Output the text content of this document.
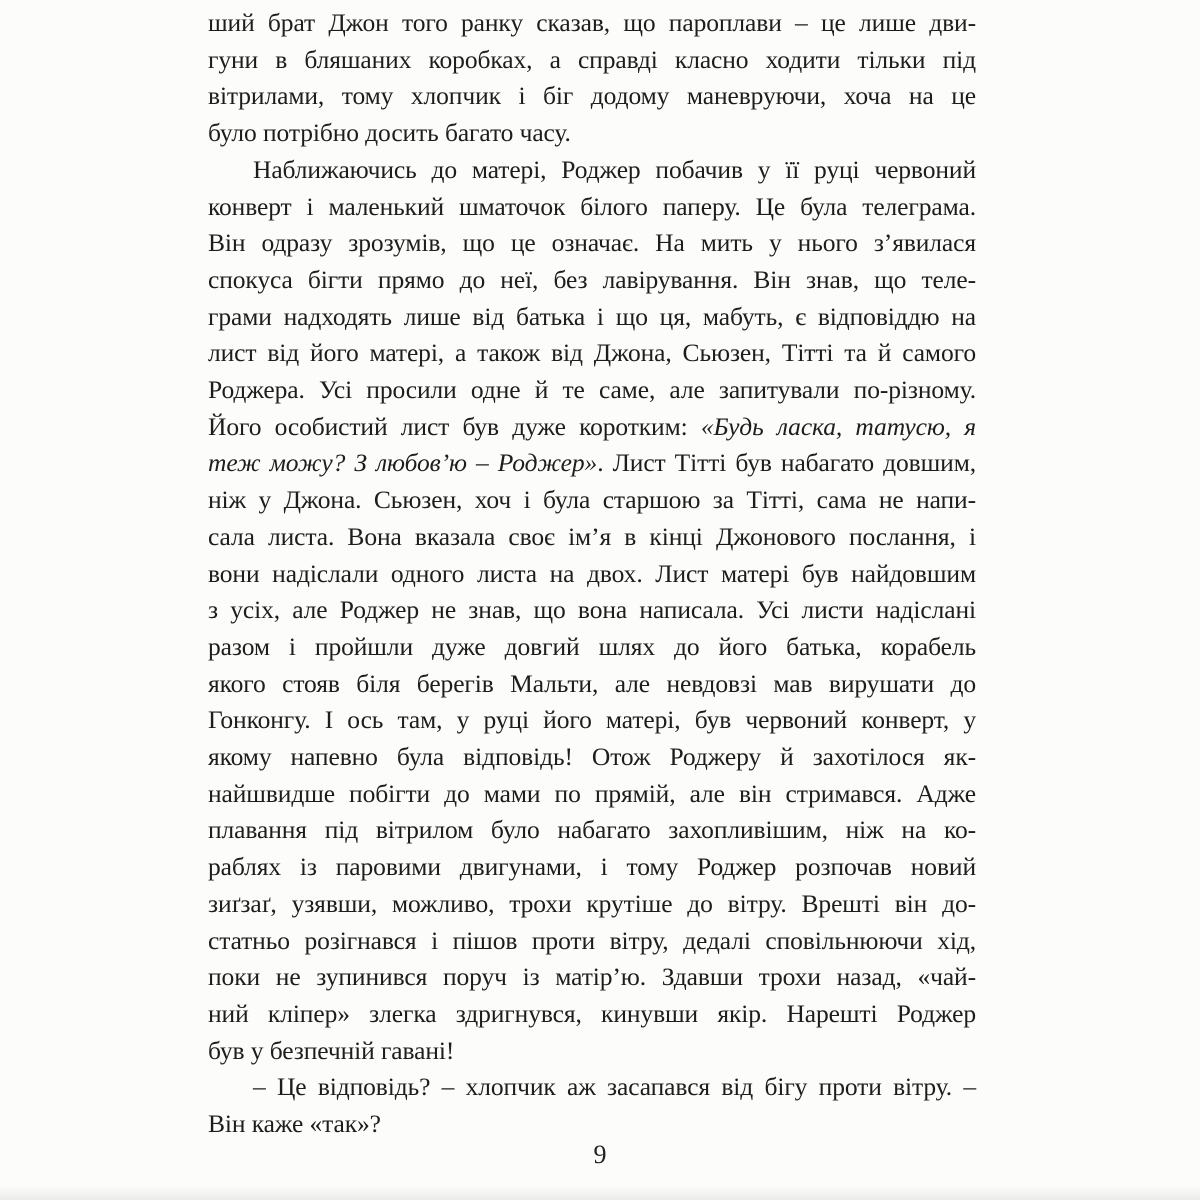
ший брат Джон того ранку сказав, що пароплави – це лише дви-
гуни в бляшаних коробках, а справді класно ходити тільки під
вітрилами, тому хлопчик і біг додому маневруючи, хоча на це
було потрібно досить багато часу.
Наближаючись до матері, Роджер побачив у її руці червоний
конверт і маленький шматочок білого паперу. Це була телеграма.
Він одразу зрозумів, що це означає. На мить у нього з’явилася
спокуса бігти прямо до неї, без лавірування. Він знав, що теле-
грами надходять лише від батька і що ця, мабуть, є відповіддю на
лист від його матері, а також від Джона, Сьюзен, Тітті та й самого
Роджера. Усі просили одне й те саме, але запитували по-різному.
Його особистий лист був дуже коротким: «Будь ласка, татусю, я
теж можу? З любов’ю – Роджер». Лист Тітті був набагато довшим,
ніж у Джона. Сьюзен, хоч і була старшою за Тітті, сама не напи-
сала листа. Вона вказала своє ім’я в кінці Джонового послання, і
вони надіслали одного листа на двох. Лист матері був найдовшим
з усіх, але Роджер не знав, що вона написала. Усі листи надіслані
разом і пройшли дуже довгий шлях до його батька, корабель
якого стояв біля берегів Мальти, але невдовзі мав вирушати до
Гонконгу. І ось там, у руці його матері, був червоний конверт, у
якому напевно була відповідь! Отож Роджеру й захотілося як-
найшвидше побігти до мами по прямій, але він стримався. Адже
плавання під вітрилом було набагато захопливішим, ніж на ко-
раблях із паровими двигунами, і тому Роджер розпочав новий
зиґзаґ, узявши, можливо, трохи крутіше до вітру. Врешті він до-
статньо розігнався і пішов проти вітру, дедалі сповільнюючи хід,
поки не зупинився поруч із матір’ю. Здавши трохи назад, «чай-
ний кліпер» злегка здригнувся, кинувши якір. Нарешті Роджер
був у безпечній гавані!
– Це відповідь? – хлопчик аж засапався від бігу проти вітру. –
Він каже «так»?
9
